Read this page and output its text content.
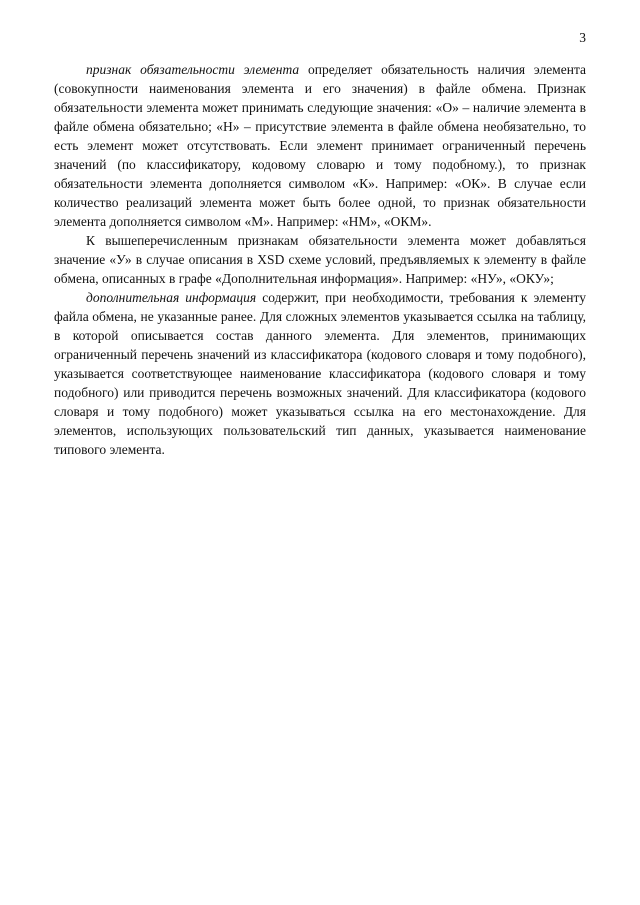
3

признак обязательности элемента определяет обязательность наличия элемента (совокупности наименования элемента и его значения) в файле обмена. Признак обязательности элемента может принимать следующие значения: «О» – наличие элемента в файле обмена обязательно; «Н» – присутствие элемента в файле обмена необязательно, то есть элемент может отсутствовать. Если элемент принимает ограниченный перечень значений (по классификатору, кодовому словарю и тому подобному.), то признак обязательности элемента дополняется символом «К». Например: «ОК». В случае если количество реализаций элемента может быть более одной, то признак обязательности элемента дополняется символом «М». Например: «НМ», «ОКМ».

К вышеперечисленным признакам обязательности элемента может добавляться значение «У» в случае описания в XSD схеме условий, предъявляемых к элементу в файле обмена, описанных в графе «Дополнительная информация». Например: «НУ», «ОКУ»;

дополнительная информация содержит, при необходимости, требования к элементу файла обмена, не указанные ранее. Для сложных элементов указывается ссылка на таблицу, в которой описывается состав данного элемента. Для элементов, принимающих ограниченный перечень значений из классификатора (кодового словаря и тому подобного), указывается соответствующее наименование классификатора (кодового словаря и тому подобного) или приводится перечень возможных значений. Для классификатора (кодового словаря и тому подобного) может указываться ссылка на его местонахождение. Для элементов, использующих пользовательский тип данных, указывается наименование типового элемента.
